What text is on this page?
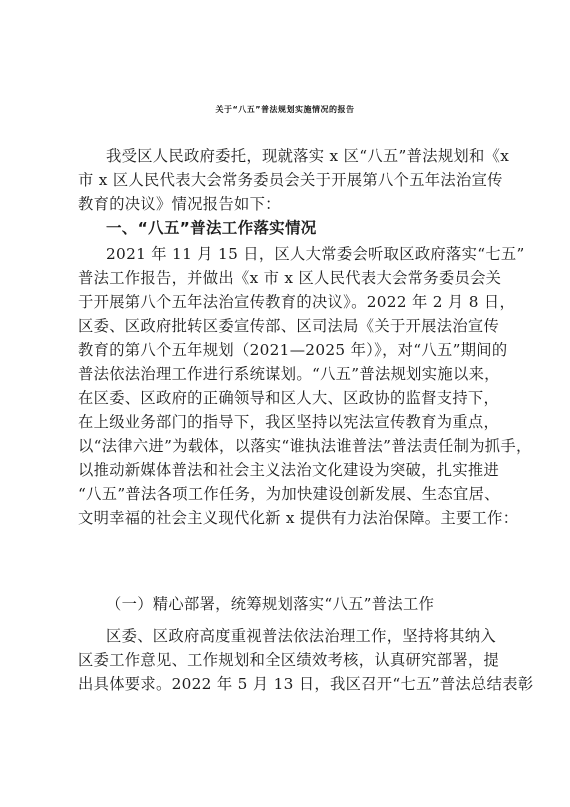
关于“八五”普法规划实施情况的报告
我受区人民政府委托，现就落实 x 区“八五”普法规划和《x
市 x 区人民代表大会常务委员会关于开展第八个五年法治宣传
教育的决议》情况报告如下：
一、“八五”普法工作落实情况
2021 年 11 月 15 日，区人大常委会听取区政府落实“七五”
普法工作报告，并做出《x 市 x 区人民代表大会常务委员会关
于开展第八个五年法治宣传教育的决议》。2022 年 2 月 8 日，
区委、区政府批转区委宣传部、区司法局《关于开展法治宣传
教育的第八个五年规划（2021—2025 年）》，对“八五”期间的
普法依法治理工作进行系统谋划。“八五”普法规划实施以来，
在区委、区政府的正确领导和区人大、区政协的监督支持下，
在上级业务部门的指导下，我区坚持以宪法宣传教育为重点，
以“法律六进”为载体，以落实“谁执法谁普法”普法责任制为抓手，
以推动新媒体普法和社会主义法治文化建设为突破，扎实推进
“八五”普法各项工作任务，为加快建设创新发展、生态宜居、
文明幸福的社会主义现代化新 x 提供有力法治保障。主要工作：
（一）精心部署，统筹规划落实“八五”普法工作
区委、区政府高度重视普法依法治理工作，坚持将其纳入
区委工作意见、工作规划和全区绩效考核，认真研究部署，提
出具体要求。2022 年 5 月 13 日，我区召开“七五”普法总结表彰
